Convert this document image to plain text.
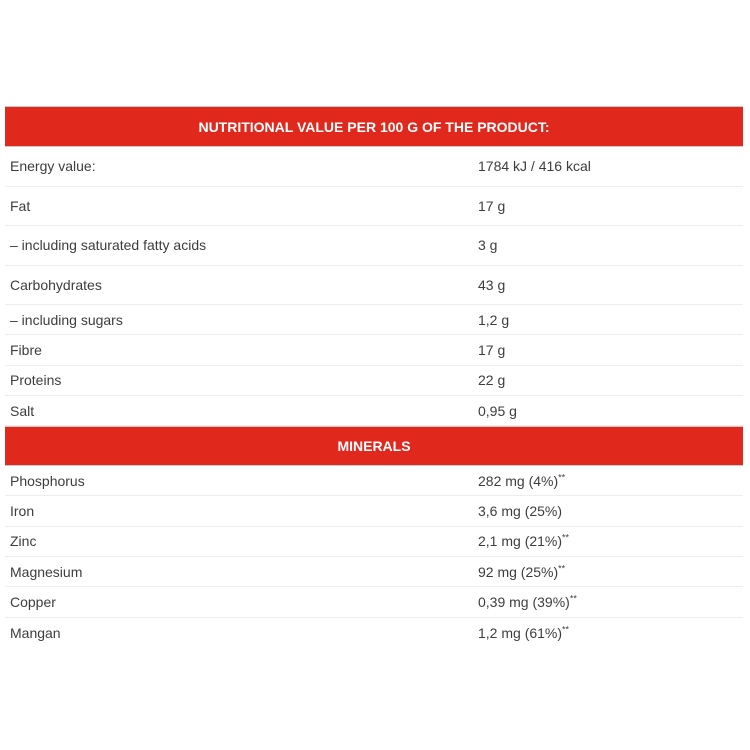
NUTRITIONAL VALUE PER 100 G OF THE PRODUCT:
Energy value:	1784 kJ / 416 kcal
Fat	17 g
– including saturated fatty acids	3 g
Carbohydrates	43 g
– including sugars	1,2 g
Fibre	17 g
Proteins	22 g
Salt	0,95 g
MINERALS
Phosphorus	282 mg (4%)**
Iron	3,6 mg (25%)
Zinc	2,1 mg (21%)**
Magnesium	92 mg (25%)**
Copper	0,39 mg (39%)**
Mangan	1,2 mg (61%)**
